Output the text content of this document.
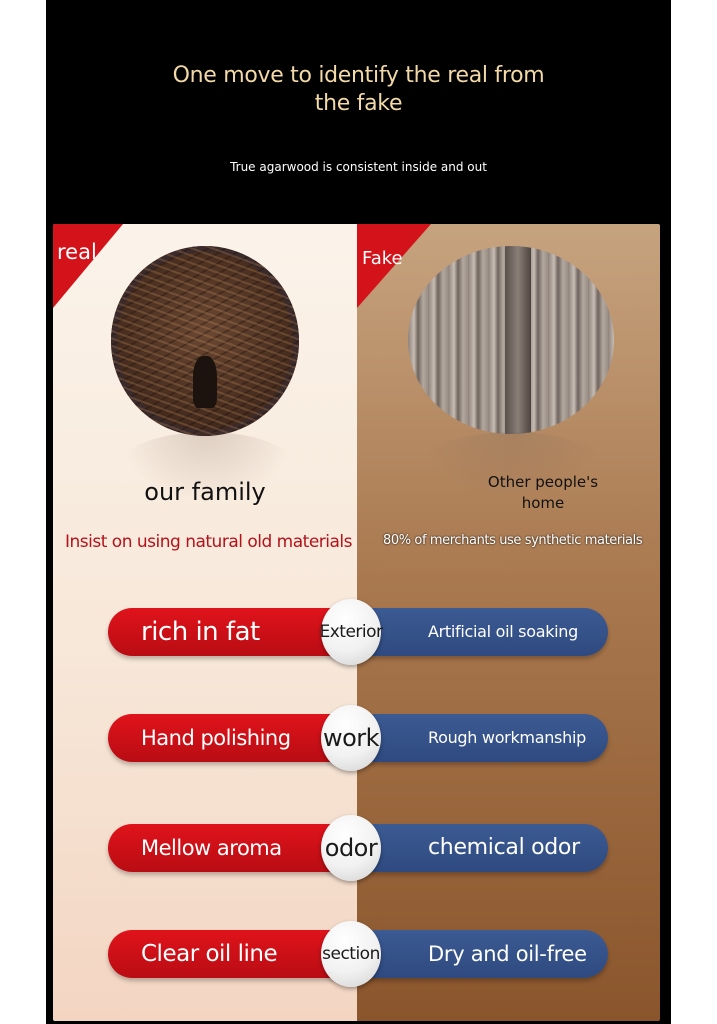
One move to identify the real from
the fake
True agarwood is consistent inside and out
real	Fake
our family	Other people's
home
Insist on using natural old materials 80% of merchants use synthetic materials
rich in fat	Exterior	Artificial oil soaking
Hand polishing	work	Rough workmanship
Mellow aroma	odor	chemical odor
Clear oil line	section	Dry and oil-free
